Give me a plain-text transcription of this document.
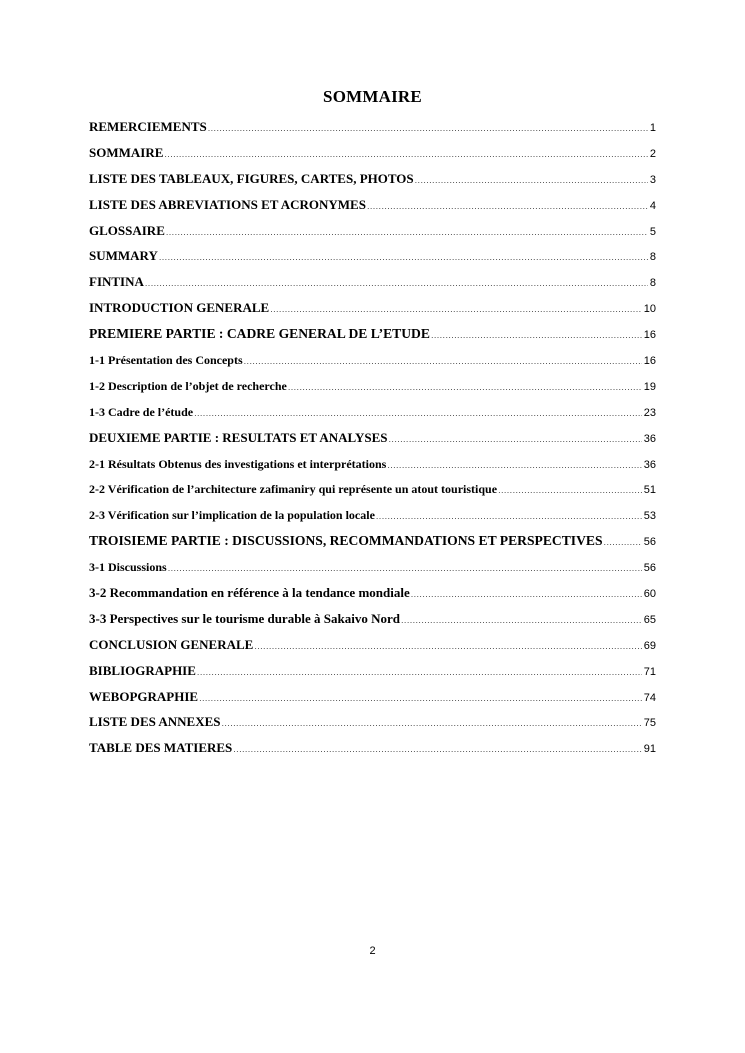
SOMMAIRE
REMERCIEMENTS .....	1
SOMMAIRE .....	2
LISTE DES TABLEAUX, FIGURES, CARTES, PHOTOS .....	3
LISTE DES ABREVIATIONS ET ACRONYMES .....	4
GLOSSAIRE .....	5
SUMMARY .....	8
FINTINA .....	8
INTRODUCTION GENERALE .....	10
PREMIERE PARTIE : CADRE GENERAL DE L’ETUDE .....	16
1-1 Présentation des Concepts .....	16
1-2 Description de l’objet de recherche .....	19
1-3 Cadre de l’étude .....	23
DEUXIEME PARTIE : RESULTATS ET ANALYSES .....	36
2-1 Résultats Obtenus des investigations et interprétations .....	36
2-2 Vérification de l’architecture zafimaniry qui représente un atout touristique .....	51
2-3 Vérification sur l’implication de la population locale .....	53
TROISIEME PARTIE : DISCUSSIONS, RECOMMANDATIONS ET PERSPECTIVES .....	56
3-1 Discussions .....	56
3-2 Recommandation en référence à la tendance mondiale .....	60
3-3 Perspectives sur le tourisme durable à Sakaivo Nord .....	65
CONCLUSION GENERALE .....	69
BIBLIOGRAPHIE .....	71
WEBOPGRAPHIE .....	74
LISTE DES ANNEXES .....	75
TABLE DES MATIERES .....	91
2
